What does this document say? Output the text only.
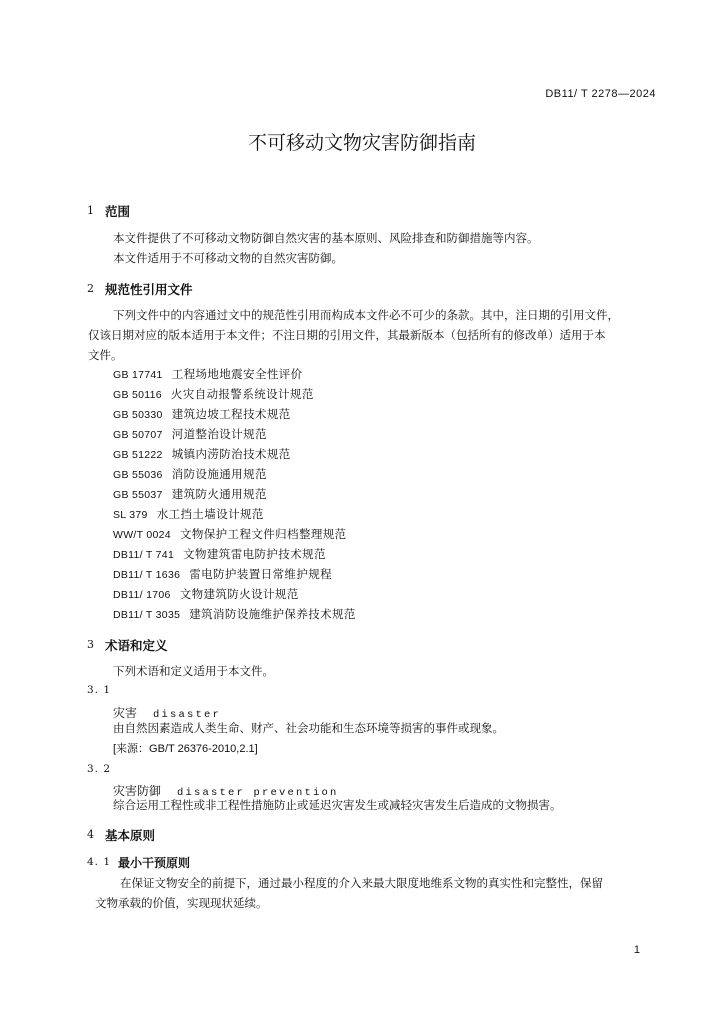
DB11/ T 2278—2024
不可移动文物灾害防御指南
1 范围
本文件提供了不可移动文物防御自然灾害的基本原则、风险排查和防御措施等内容。
本文件适用于不可移动文物的自然灾害防御。
2 规范性引用文件
下列文件中的内容通过文中的规范性引用而构成本文件必不可少的条款。其中，注日期的引用文件，
仅该日期对应的版本适用于本文件；不注日期的引用文件，其最新版本（包括所有的修改单）适用于本
文件。
GB 17741 工程场地地震安全性评价
GB 50116 火灾自动报警系统设计规范
GB 50330 建筑边坡工程技术规范
GB 50707 河道整治设计规范
GB 51222 城镇内涝防治技术规范
GB 55036 消防设施通用规范
GB 55037 建筑防火通用规范
SL 379 水工挡土墙设计规范
WW/T 0024 文物保护工程文件归档整理规范
DB11/ T 741 文物建筑雷电防护技术规范
DB11/ T 1636 雷电防护装置日常维护规程
DB11/ 1706 文物建筑防火设计规范
DB11/ T 3035 建筑消防设施维护保养技术规范
3 术语和定义
下列术语和定义适用于本文件。
3. 1
灾害 disaster
由自然因素造成人类生命、财产、社会功能和生态环境等损害的事件或现象。
[来源：GB/T 26376-2010,2.1]
3. 2
灾害防御 disaster prevention
综合运用工程性或非工程性措施防止或延迟灾害发生或减轻灾害发生后造成的文物损害。
4 基本原则
4. 1 最小干预原则
在保证文物安全的前提下，通过最小程度的介入来最大限度地维系文物的真实性和完整性，保留
文物承载的价值，实现现状延续。
1
